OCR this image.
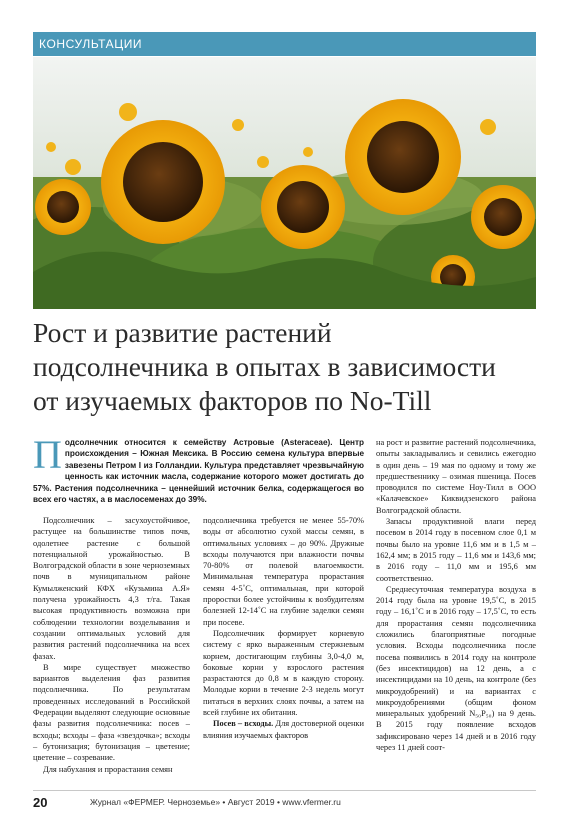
КОНСУЛЬТАЦИИ
Рост и развитие растений
подсолнечника в опытах в зависимости
от изучаемых факторов по No-Till
Подсолнечник относится к семейству Астровые (Asteraceae). Центр происхождения – Южная Мексика. В Россию семена культура впервые завезены Петром I из Голландии. Культура представляет чрезвычайную ценность как источник масла, содержание которого может достигать до 57%. Растения подсолнечника – ценнейший источник белка, содержащегося во всех его частях, а в маслосеменах до 39%.

Подсолнечник – засухоустойчивое, растущее на большинстве типов почв, одолетнее растение с большой потенциальной урожайностью. В Волгоградской области в зоне черноземных почв в муниципальном районе Кумылженский КФХ «Кузьмина А.Я» получена урожайность 4,3 т/га. Такая высокая продуктивность возможна при соблюдении технологии возделывания и создании оптимальных условий для развития растений подсолнечника на всех фазах.

В мире существует множество вариантов выделения фаз развития подсолнечника. По результатам проведенных исследований в Российской Федерации выделяют следующие основные фазы развития подсолнечника: посев – всходы; всходы – фаза «звездочка»; всходы – бутонизация; бутонизация – цветение; цветение – созревание.

Для набухания и прорастания семян

подсолнечника требуется не менее 55-70% воды от абсолютно сухой массы семян, в оптимальных условиях – до 90%. Дружные всходы получаются при влажности почвы 70-80% от полевой влагоемкости. Минимальная температура прорастания семян 4-5˚С, оптимальная, при которой проростки более устойчивы к возбудителям болезней 12-14˚С на глубине заделки семян при посеве.

Подсолнечник формирует корневую систему с ярко выраженным стержневым корнем, достигающим глубины 3,0-4,0 м, боковые корни у взрослого растения разрастаются до 0,8 м в каждую сторону. Молодые корни в течение 2-3 недель могут питаться в верхних слоях почвы, а затем на всей глубине их обитания.

Посев – всходы. Для достоверной оценки влияния изучаемых факторов

на рост и развитие растений подсолнечника, опыты закладывались и севились ежегодно в один день – 19 мая по одному и тому же предшественнику – озимая пшеница. Посев проводился по системе Ноу-Тилл в ООО «Калачевское» Киквидзенского района Волгоградской области.

Запасы продуктивной влаги перед посевом в 2014 году в посевном слое 0,1 м почвы было на уровне 11,6 мм и в 1,5 м – 162,4 мм; в 2015 году – 11,6 мм и 143,6 мм; в 2016 году – 11,0 мм и 195,6 мм соответственно.

Среднесуточная температура воздуха в 2014 году была на уровне 19,5˚С, в 2015 году – 16,1˚С и в 2016 году – 17,5˚С, то есть для прорастания семян подсолнечника сложились благоприятные погодные условия. Всходы подсолнечника после посева появились в 2014 году на контроле (без инсектицидов) на 12 день, а с инсектицидами на 10 день, на контроле (без микроудобрений) и на вариантах с микроудобрениями (общим фоном минеральных удобрений N₅₀P₅₀) на 9 день. В 2015 году появление всходов зафиксировано через 14 дней и в 2016 году через 11 дней соот-

20	Журнал «ФЕРМЕР. Черноземье» • Август 2019 • www.vfermer.ru
